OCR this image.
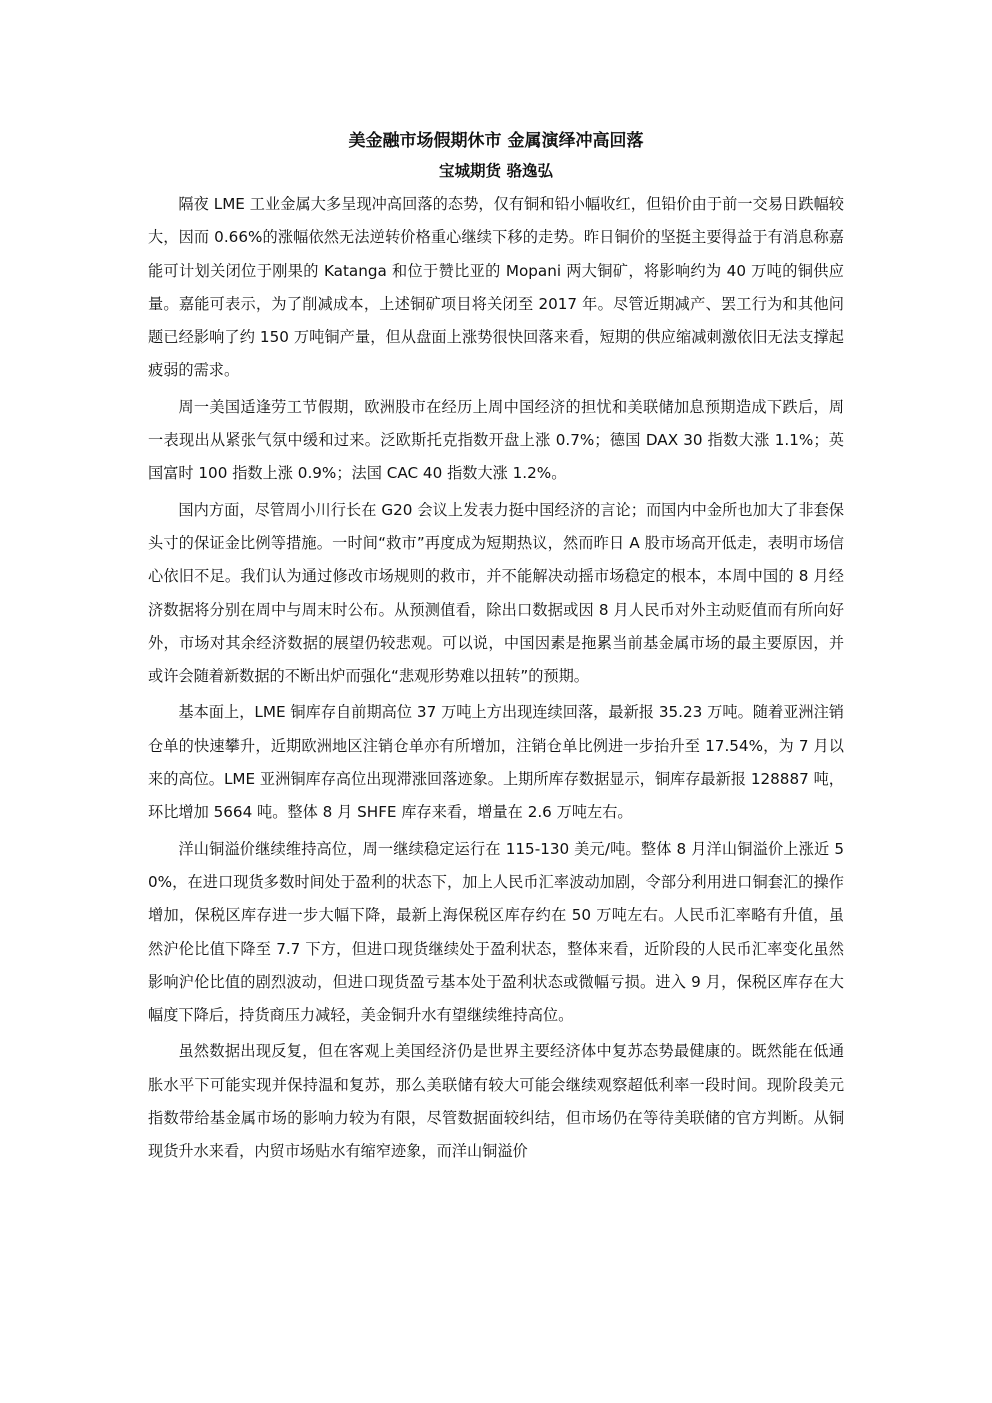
美金融市场假期休市 金属演绎冲高回落
宝城期货 骆逸弘

隔夜 LME 工业金属大多呈现冲高回落的态势，仅有铜和铅小幅收红，但铅价由于前一交易日跌幅较大，因而 0.66%的涨幅依然无法逆转价格重心继续下移的走势。昨日铜价的坚挺主要得益于有消息称嘉能可计划关闭位于刚果的 Katanga 和位于赞比亚的 Mopani 两大铜矿，将影响约为 40 万吨的铜供应量。嘉能可表示，为了削减成本，上述铜矿项目将关闭至 2017 年。尽管近期减产、罢工行为和其他问题已经影响了约 150 万吨铜产量，但从盘面上涨势很快回落来看，短期的供应缩减刺激依旧无法支撑起疲弱的需求。

周一美国适逢劳工节假期，欧洲股市在经历上周中国经济的担忧和美联储加息预期造成下跌后，周一表现出从紧张气氛中缓和过来。泛欧斯托克指数开盘上涨 0.7%；德国 DAX 30 指数大涨 1.1%；英国富时 100 指数上涨 0.9%；法国 CAC 40 指数大涨 1.2%。

国内方面，尽管周小川行长在 G20 会议上发表力挺中国经济的言论；而国内中金所也加大了非套保头寸的保证金比例等措施。一时间“救市”再度成为短期热议，然而昨日 A 股市场高开低走，表明市场信心依旧不足。我们认为通过修改市场规则的救市，并不能解决动摇市场稳定的根本，本周中国的 8 月经济数据将分别在周中与周末时公布。从预测值看，除出口数据或因 8 月人民币对外主动贬值而有所向好外，市场对其余经济数据的展望仍较悲观。可以说，中国因素是拖累当前基金属市场的最主要原因，并或许会随着新数据的不断出炉而强化“悲观形势难以扭转”的预期。

基本面上，LME 铜库存自前期高位 37 万吨上方出现连续回落，最新报 35.23 万吨。随着亚洲注销仓单的快速攀升，近期欧洲地区注销仓单亦有所增加，注销仓单比例进一步抬升至 17.54%，为 7 月以来的高位。LME 亚洲铜库存高位出现滞涨回落迹象。上期所库存数据显示，铜库存最新报 128887 吨，环比增加 5664 吨。整体 8 月 SHFE 库存来看，增量在 2.6 万吨左右。

洋山铜溢价继续维持高位，周一继续稳定运行在 115-130 美元/吨。整体 8 月洋山铜溢价上涨近 50%，在进口现货多数时间处于盈利的状态下，加上人民币汇率波动加剧，令部分利用进口铜套汇的操作增加，保税区库存进一步大幅下降，最新上海保税区库存约在 50 万吨左右。人民币汇率略有升值，虽然沪伦比值下降至 7.7 下方，但进口现货继续处于盈利状态，整体来看，近阶段的人民币汇率变化虽然影响沪伦比值的剧烈波动，但进口现货盈亏基本处于盈利状态或微幅亏损。进入 9 月，保税区库存在大幅度下降后，持货商压力减轻，美金铜升水有望继续维持高位。

虽然数据出现反复，但在客观上美国经济仍是世界主要经济体中复苏态势最健康的。既然能在低通胀水平下可能实现并保持温和复苏，那么美联储有较大可能会继续观察超低利率一段时间。现阶段美元指数带给基金属市场的影响力较为有限，尽管数据面较纠结，但市场仍在等待美联储的官方判断。从铜现货升水来看，内贸市场贴水有缩窄迹象，而洋山铜溢价
